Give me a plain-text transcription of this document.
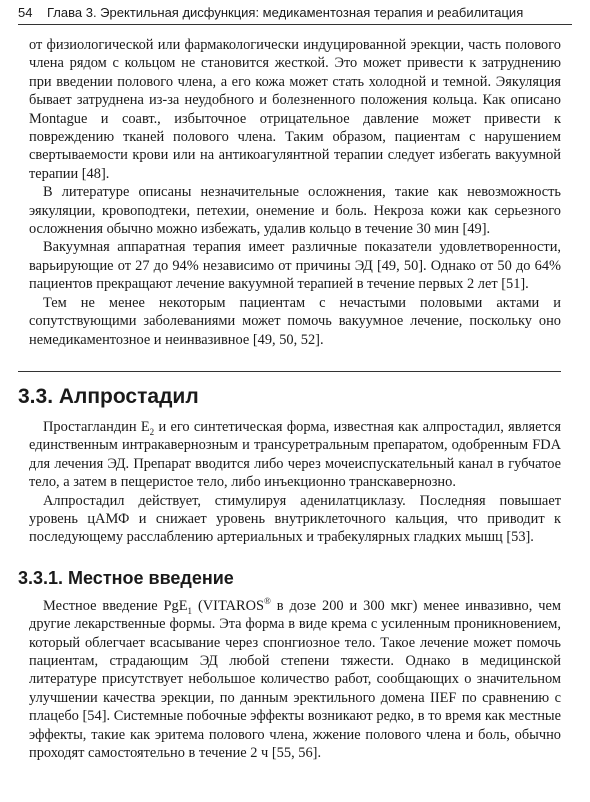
54 Глава 3. Эректильная дисфункция: медикаментозная терапия и реабилитация

от физиологической или фармакологически индуцированной эрекции, часть полового члена рядом с кольцом не становится жесткой. Это может привести к затруднению при введении полового члена, а его кожа может стать холодной и темной. Эякуляция бывает затруднена из-за неудобного и болезненного положения кольца. Как описано Montague и соавт., избыточное отрицательное давление может привести к повреждению тканей полового члена. Таким образом, пациентам с нарушением свертываемости крови или на антикоагулянтной терапии следует избегать вакуумной терапии [48].

В литературе описаны незначительные осложнения, такие как невозможность эякуляции, кровоподтеки, петехии, онемение и боль. Некроза кожи как серьезного осложнения обычно можно избежать, удалив кольцо в течение 30 мин [49].

Вакуумная аппаратная терапия имеет различные показатели удовлетворенности, варьирующие от 27 до 94% независимо от причины ЭД [49, 50]. Однако от 50 до 64% пациентов прекращают лечение вакуумной терапией в течение первых 2 лет [51].

Тем не менее некоторым пациентам с нечастыми половыми актами и сопутствующими заболеваниями может помочь вакуумное лечение, поскольку оно немедикаментозное и неинвазивное [49, 50, 52].

3.3. Алпростадил

Простагландин $E_2$ и его синтетическая форма, известная как алпростадил, является единственным интракавернозным и трансуретральным препаратом, одобренным FDA для лечения ЭД. Препарат вводится либо через мочеиспускательный канал в губчатое тело, а затем в пещеристое тело, либо инъекционно транскавернозно.

Алпростадил действует, стимулируя аденилатциклазу. Последняя повышает уровень цАМФ и снижает уровень внутриклеточного кальция, что приводит к последующему расслаблению артериальных и трабекулярных гладких мышц [53].

3.3.1. Местное введение

Местное введение PgE$_1$ (VITAROS® в дозе 200 и 300 мкг) менее инвазивно, чем другие лекарственные формы. Эта форма в виде крема с усиленным проникновением, который облегчает всасывание через спонгиозное тело. Такое лечение может помочь пациентам, страдающим ЭД любой степени тяжести. Однако в медицинской литературе присутствует небольшое количество работ, сообщающих о значительном улучшении качества эрекции, по данным эректильного домена IIEF по сравнению с плацебо [54]. Системные побочные эффекты возникают редко, в то время как местные эффекты, такие как эритема полового члена, жжение полового члена и боль, обычно проходят самостоятельно в течение 2 ч [55, 56].
